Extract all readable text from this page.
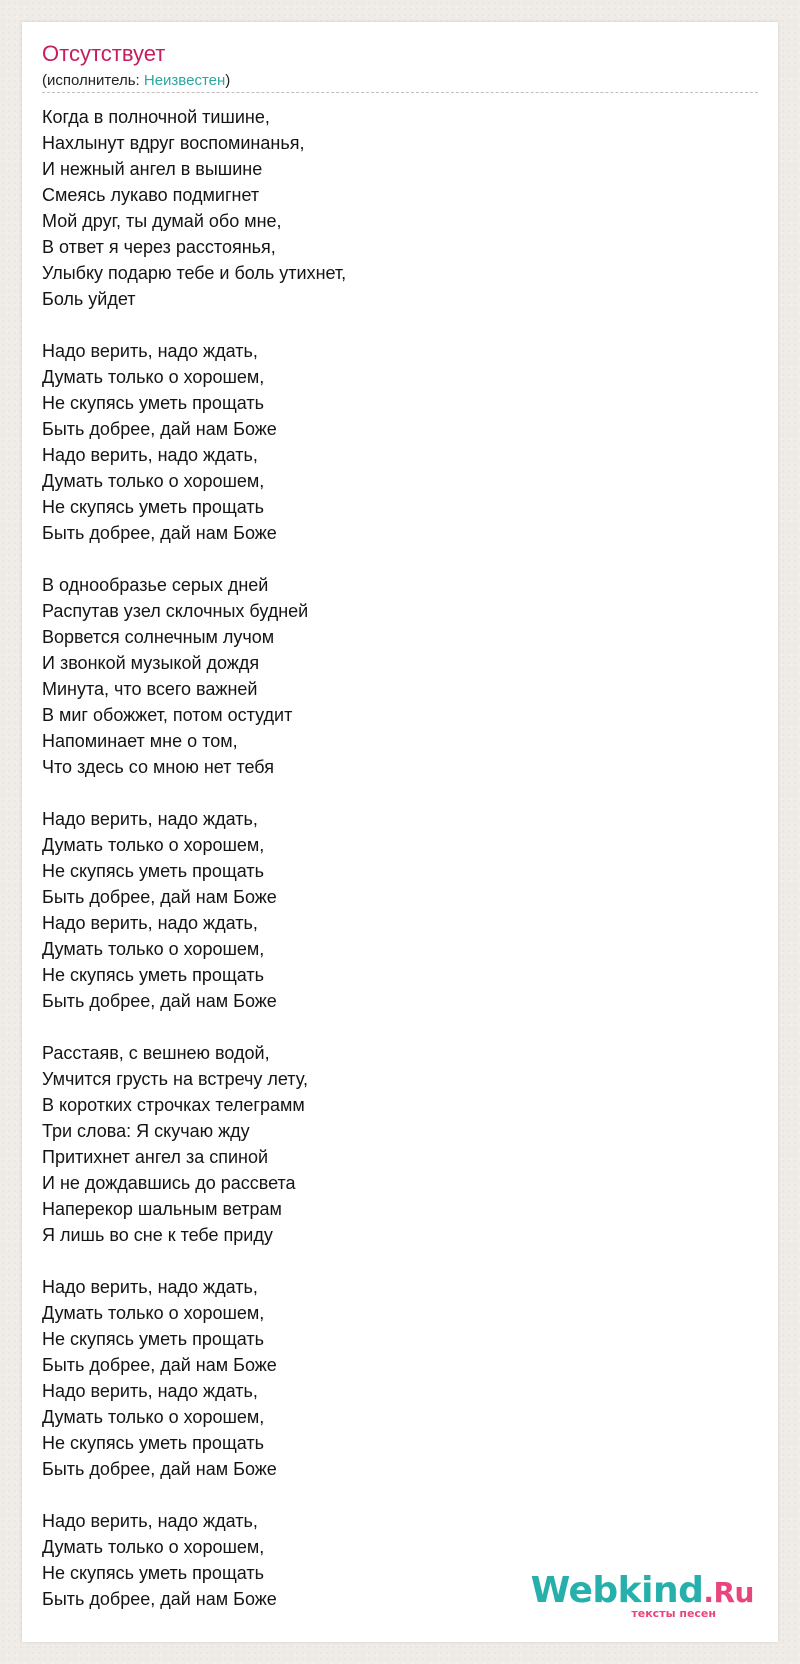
Отсутствует
(исполнитель: Неизвестен)
Когда в полночной тишине,
Нахлынут вдруг воспоминанья,
И нежный ангел в вышине
Смеясь лукаво подмигнет
Мой друг, ты думай обо мне,
В ответ я через расстоянья,
Улыбку подарю тебе и боль утихнет,
Боль уйдет
Надо верить, надо ждать,
Думать только о хорошем,
Не скупясь уметь прощать
Быть добрее, дай нам Боже
Надо верить, надо ждать,
Думать только о хорошем,
Не скупясь уметь прощать
Быть добрее, дай нам Боже
В однообразье серых дней
Распутав узел склочных будней
Ворвется солнечным лучом
И звонкой музыкой дождя
Минута, что всего важней
В миг обожжет, потом остудит
Напоминает мне о том,
Что здесь со мною нет тебя
Надо верить, надо ждать,
Думать только о хорошем,
Не скупясь уметь прощать
Быть добрее, дай нам Боже
Надо верить, надо ждать,
Думать только о хорошем,
Не скупясь уметь прощать
Быть добрее, дай нам Боже
Расстаяв, с вешнею водой,
Умчится грусть на встречу лету,
В коротких строчках телеграмм
Три слова: Я скучаю жду
Притихнет ангел за спиной
И не дождавшись до рассвета
Наперекор шальным ветрам
Я лишь во сне к тебе приду
Надо верить, надо ждать,
Думать только о хорошем,
Не скупясь уметь прощать
Быть добрее, дай нам Боже
Надо верить, надо ждать,
Думать только о хорошем,
Не скупясь уметь прощать
Быть добрее, дай нам Боже
Надо верить, надо ждать,
Думать только о хорошем,
Не скупясь уметь прощать
Быть добрее, дай нам Боже	Webkind.Ru
тексты песен
